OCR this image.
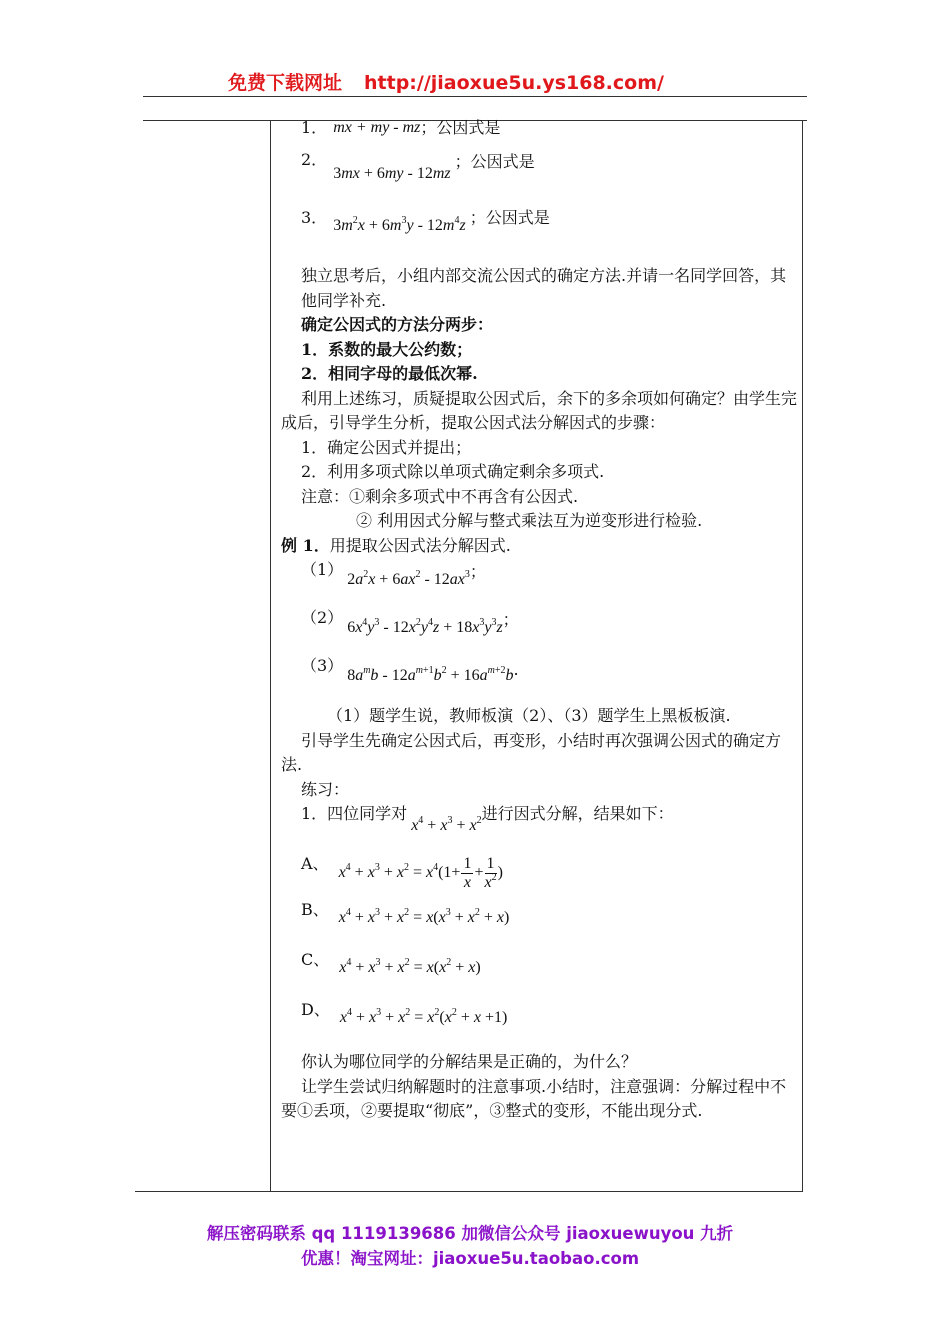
免费下载网址 http://jiaoxue5u.ys168.com/
1． mx + my - mz ；公因式是
2．
3mx + 6my - 12mz
；公因式是
3． $3m^2x + 6m^3y - 12m^4z$ ；公因式是

独立思考后，小组内部交流公因式的确定方法.并请一名同学回答，其他同学补充.

确定公因式的方法分两步：

1．系数的最大公约数；

2．相同字母的最低次幂.

利用上述练习，质疑提取公因式后，余下的多余项如何确定？由学生完成后，引导学生分析，提取公因式法分解因式的步骤：

1．确定公因式并提出；

2．利用多项式除以单项式确定剩余多项式.

注意：①剩余多项式中不再含有公因式.

② 利用因式分解与整式乘法互为逆变形进行检验.

例 1．用提取公因式法分解因式.

（1）
$2a^2x + 6ax^2 - 12ax^3$ ；
（2）
$6x^4y^3 - 12x^2y^4z + 18x^3y^3z$ ；
（3）
$8a^mb - 12a^{m+1}b^2 + 16a^{m+2}b$ .

（1）题学生说，教师板演（2）、（3）题学生上黑板板演.

引导学生先确定公因式后，再变形，小结时再次强调公因式的确定方法.

练习：

1．四位同学对
$x^4 + x^3 + x^2$ 进行因式分解，结果如下：
A、 $x^4 + x^3 + x^2 = x^4(1+ \frac{1}{x} + \frac{1}{x^2}$ )
B、 $x^4 + x^3 + x^2 = x(x^3 + x^2 + x)$
C、 $x^4 + x^3 + x^2 = x(x^2 + x)$
D、 $x^4 + x^3 + x^2 = x^2(x^2 + x +1)$

你认为哪位同学的分解结果是正确的，为什么？

让学生尝试归纳解题时的注意事项.小结时，注意强调：分解过程中不要①丢项，②要提取“彻底”，③整式的变形，不能出现分式.

解压密码联系 qq 1119139686 加微信公众号 jiaoxuewuyou 九折
优惠！淘宝网址：jiaoxue5u.taobao.com
